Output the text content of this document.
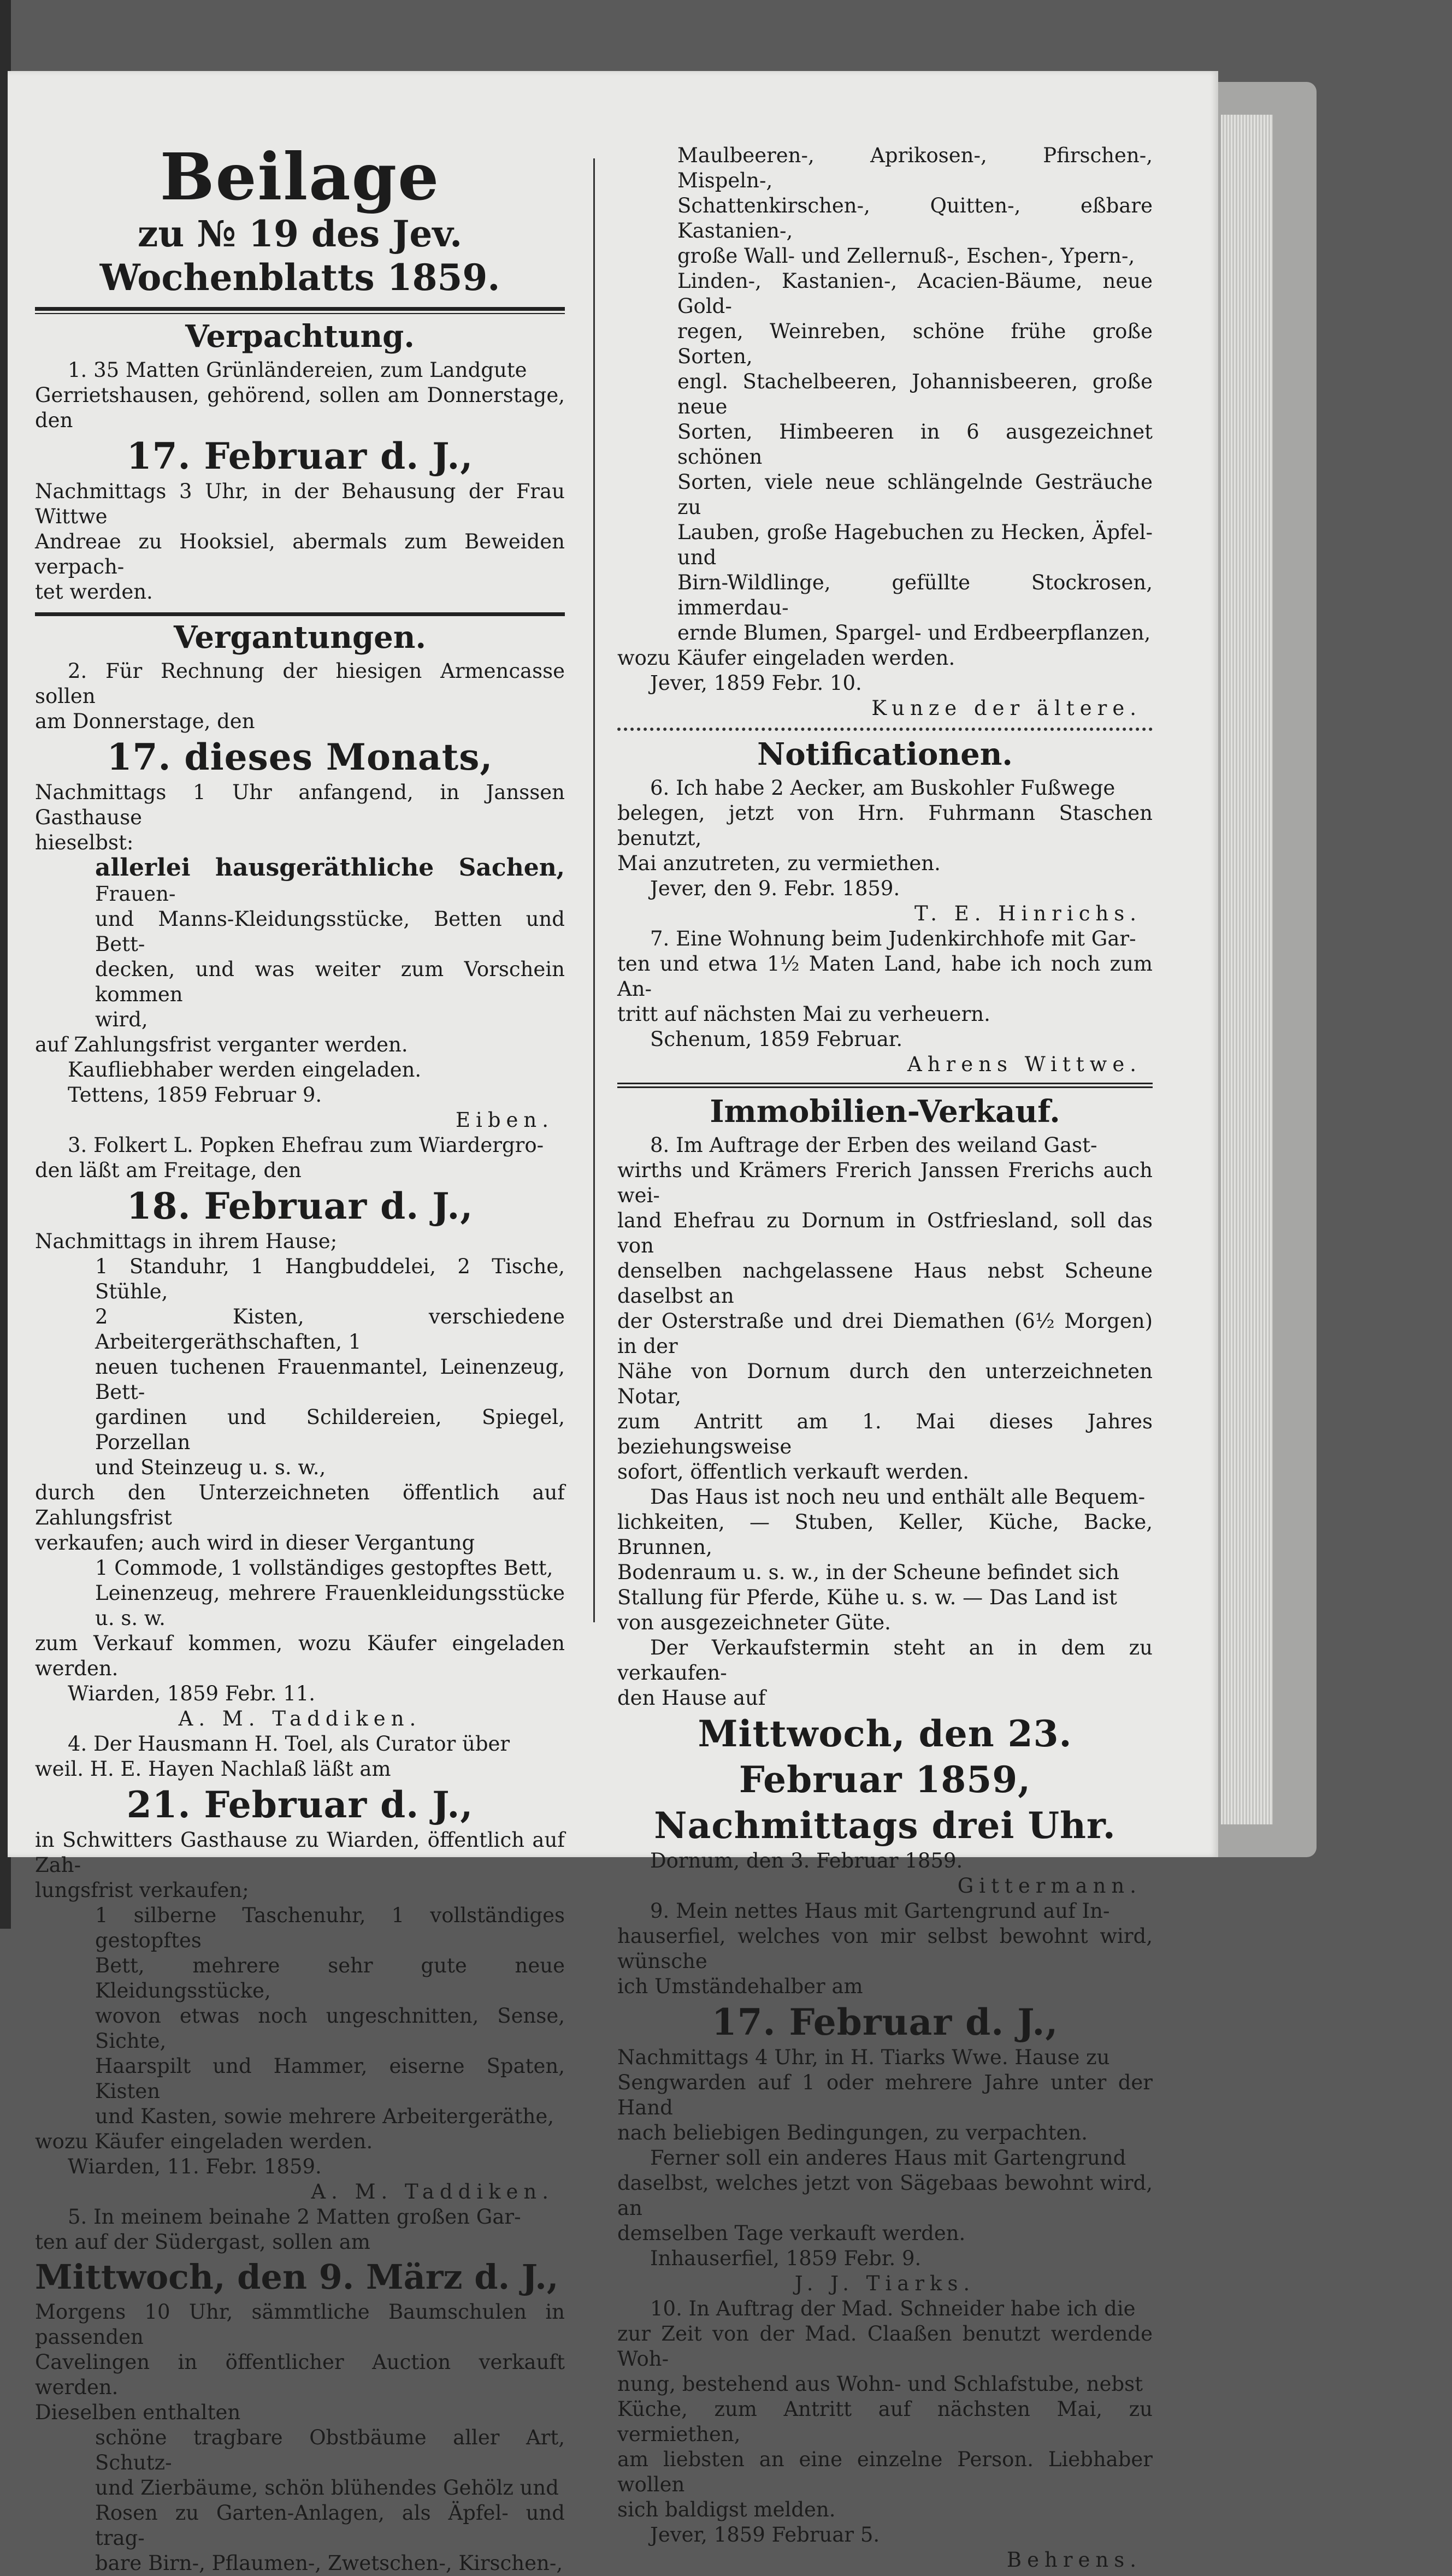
Beilage
zu № 19 des Jev. Wochenblatts 1859.
Verpachtung.

1. 35 Matten Grünländereien, zum Landgute

Gerrietshausen, gehörend, sollen am Donnerstage, den

17. Februar d. J.,

Nachmittags 3 Uhr, in der Behausung der Frau Wittwe

Andreae zu Hooksiel, abermals zum Beweiden verpach-

tet werden.

Vergantungen.

2. Für Rechnung der hiesigen Armencasse sollen

am Donnerstage, den

17. dieses Monats,

Nachmittags 1 Uhr anfangend, in Janssen Gasthause

hieselbst:

allerlei hausgeräthliche Sachen, Frauen-

und Manns-Kleidungsstücke, Betten und Bett-

decken, und was weiter zum Vorschein kommen

wird,

auf Zahlungsfrist verganter werden.

Kaufliebhaber werden eingeladen.

Tettens, 1859 Februar 9.

Eiben.

3. Folkert L. Popken Ehefrau zum Wiardergro-

den läßt am Freitage, den

18. Februar d. J.,

Nachmittags in ihrem Hause;

1 Standuhr, 1 Hangbuddelei, 2 Tische, Stühle,

2 Kisten, verschiedene Arbeitergeräthschaften, 1

neuen tuchenen Frauenmantel, Leinenzeug, Bett-

gardinen und Schildereien, Spiegel, Porzellan

und Steinzeug u. s. w.,

durch den Unterzeichneten öffentlich auf Zahlungsfrist

verkaufen; auch wird in dieser Vergantung

1 Commode, 1 vollständiges gestopftes Bett,

Leinenzeug, mehrere Frauenkleidungsstücke u. s. w.

zum Verkauf kommen, wozu Käufer eingeladen werden.

Wiarden, 1859 Febr. 11.

A. M. Taddiken.

4. Der Hausmann H. Toel, als Curator über

weil. H. E. Hayen Nachlaß läßt am

21. Februar d. J.,

in Schwitters Gasthause zu Wiarden, öffentlich auf Zah-

lungsfrist verkaufen;

1 silberne Taschenuhr, 1 vollständiges gestopftes

Bett, mehrere sehr gute neue Kleidungsstücke,

wovon etwas noch ungeschnitten, Sense, Sichte,

Haarspilt und Hammer, eiserne Spaten, Kisten

und Kasten, sowie mehrere Arbeitergeräthe,

wozu Käufer eingeladen werden.

Wiarden, 11. Febr. 1859.

A. M. Taddiken.

5. In meinem beinahe 2 Matten großen Gar-

ten auf der Südergast, sollen am

Mittwoch, den 9. März d. J.,

Morgens 10 Uhr, sämmtliche Baumschulen in passenden

Cavelingen in öffentlicher Auction verkauft werden.

Dieselben enthalten

schöne tragbare Obstbäume aller Art, Schutz-

und Zierbäume, schön blühendes Gehölz und

Rosen zu Garten-Anlagen, als Äpfel- und trag-

bare Birn-, Pflaumen-, Zwetschen-, Kirschen-,

Maulbeeren-, Aprikosen-, Pfirschen-, Mispeln-,

Schattenkirschen-, Quitten-, eßbare Kastanien-,

große Wall- und Zellernuß-, Eschen-, Ypern-,

Linden-, Kastanien-, Acacien-Bäume, neue Gold-

regen, Weinreben, schöne frühe große Sorten,

engl. Stachelbeeren, Johannisbeeren, große neue

Sorten, Himbeeren in 6 ausgezeichnet schönen

Sorten, viele neue schlängelnde Gesträuche zu

Lauben, große Hagebuchen zu Hecken, Äpfel- und

Birn-Wildlinge, gefüllte Stockrosen, immerdau-

ernde Blumen, Spargel- und Erdbeerpflanzen,

wozu Käufer eingeladen werden.

Jever, 1859 Febr. 10.

Kunze der ältere.

Notificationen.

6. Ich habe 2 Aecker, am Buskohler Fußwege

belegen, jetzt von Hrn. Fuhrmann Staschen benutzt,

Mai anzutreten, zu vermiethen.

Jever, den 9. Febr. 1859.

T. E. Hinrichs.

7. Eine Wohnung beim Judenkirchhofe mit Gar-

ten und etwa 1½ Maten Land, habe ich noch zum An-

tritt auf nächsten Mai zu verheuern.

Schenum, 1859 Februar.

Ahrens Wittwe.

Immobilien-Verkauf.

8. Im Auftrage der Erben des weiland Gast-

wirths und Krämers Frerich Janssen Frerichs auch wei-

land Ehefrau zu Dornum in Ostfriesland, soll das von

denselben nachgelassene Haus nebst Scheune daselbst an

der Osterstraße und drei Diemathen (6½ Morgen) in der

Nähe von Dornum durch den unterzeichneten Notar,

zum Antritt am 1. Mai dieses Jahres beziehungsweise

sofort, öffentlich verkauft werden.

Das Haus ist noch neu und enthält alle Bequem-

lichkeiten, — Stuben, Keller, Küche, Backe, Brunnen,

Bodenraum u. s. w., in der Scheune befindet sich

Stallung für Pferde, Kühe u. s. w. — Das Land ist

von ausgezeichneter Güte.

Der Verkaufstermin steht an in dem zu verkaufen-

den Hause auf

Mittwoch, den 23. Februar 1859,
Nachmittags drei Uhr.

Dornum, den 3. Februar 1859.

Gittermann.

9. Mein nettes Haus mit Gartengrund auf In-

hauserfiel, welches von mir selbst bewohnt wird, wünsche

ich Umständehalber am

17. Februar d. J.,

Nachmittags 4 Uhr, in H. Tiarks Wwe. Hause zu

Sengwarden auf 1 oder mehrere Jahre unter der Hand

nach beliebigen Bedingungen, zu verpachten.

Ferner soll ein anderes Haus mit Gartengrund

daselbst, welches jetzt von Sägebaas bewohnt wird, an

demselben Tage verkauft werden.

Inhauserfiel, 1859 Febr. 9.

J. J. Tiarks.

10. In Auftrag der Mad. Schneider habe ich die

zur Zeit von der Mad. Claaßen benutzt werdende Woh-

nung, bestehend aus Wohn- und Schlafstube, nebst

Küche, zum Antritt auf nächsten Mai, zu vermiethen,

am liebsten an eine einzelne Person. Liebhaber wollen

sich baldigst melden.

Jever, 1859 Februar 5.

Behrens.
